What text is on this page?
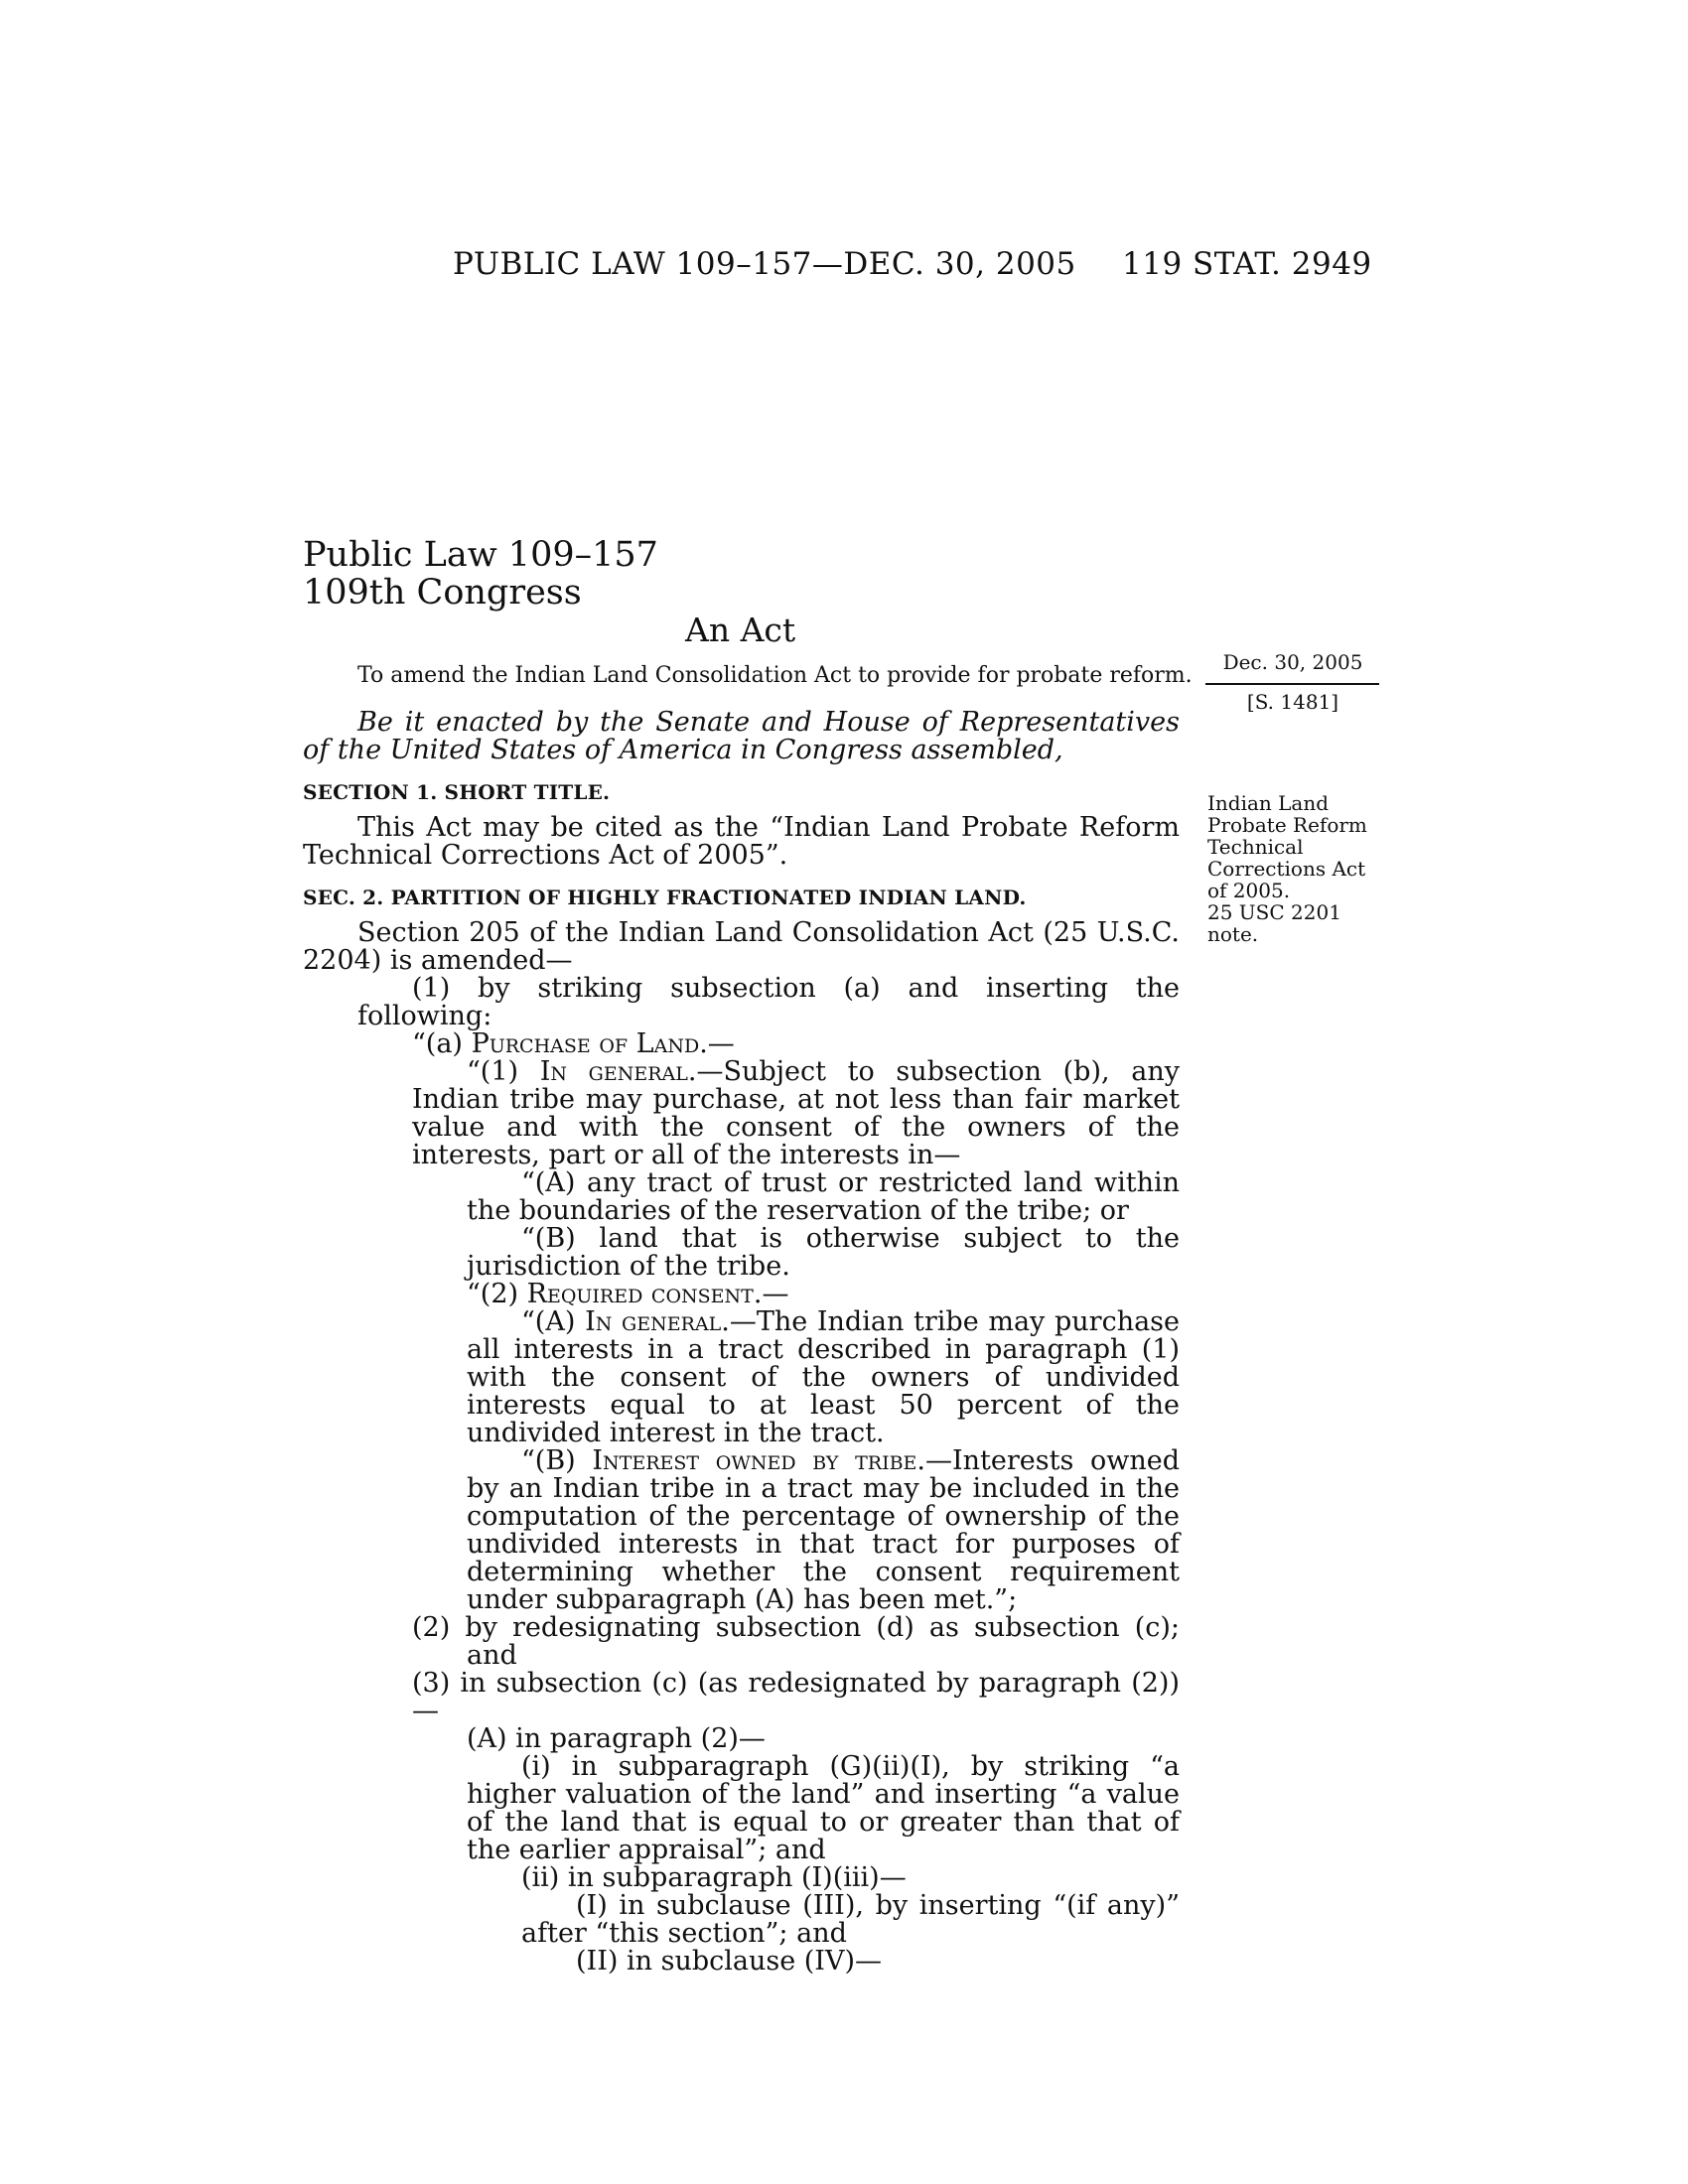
PUBLIC LAW 109–157—DEC. 30, 2005 119 STAT. 2949
Public Law 109–157
109th Congress
An Act
To amend the Indian Land Consolidation Act to provide for probate reform.
Dec. 30, 2005
[S. 1481]
Indian Land
Probate Reform
Technical
Corrections Act
of 2005.
25 USC 2201
note.

Be it enacted by the Senate and House of Representatives of the United States of America in Congress assembled,

SECTION 1. SHORT TITLE.

This Act may be cited as the “Indian Land Probate Reform Technical Corrections Act of 2005”.

SEC. 2. PARTITION OF HIGHLY FRACTIONATED INDIAN LAND.

Section 205 of the Indian Land Consolidation Act (25 U.S.C. 2204) is amended—

(1) by striking subsection (a) and inserting the following:

“(a) Purchase of Land.—

“(1) In general.—Subject to subsection (b), any Indian tribe may purchase, at not less than fair market value and with the consent of the owners of the interests, part or all of the interests in—

“(A) any tract of trust or restricted land within the boundaries of the reservation of the tribe; or

“(B) land that is otherwise subject to the jurisdiction of the tribe.

“(2) Required consent.—

“(A) In general.—The Indian tribe may purchase all interests in a tract described in paragraph (1) with the consent of the owners of undivided interests equal to at least 50 percent of the undivided interest in the tract.

“(B) Interest owned by tribe.—Interests owned by an Indian tribe in a tract may be included in the computation of the percentage of ownership of the undivided interests in that tract for purposes of determining whether the consent requirement under subparagraph (A) has been met.”;

(2) by redesignating subsection (d) as subsection (c); and

(3) in subsection (c) (as redesignated by paragraph (2))—

(A) in paragraph (2)—

(i) in subparagraph (G)(ii)(I), by striking “a higher valuation of the land” and inserting “a value of the land that is equal to or greater than that of the earlier appraisal”; and

(ii) in subparagraph (I)(iii)—

(I) in subclause (III), by inserting “(if any)” after “this section”; and

(II) in subclause (IV)—
